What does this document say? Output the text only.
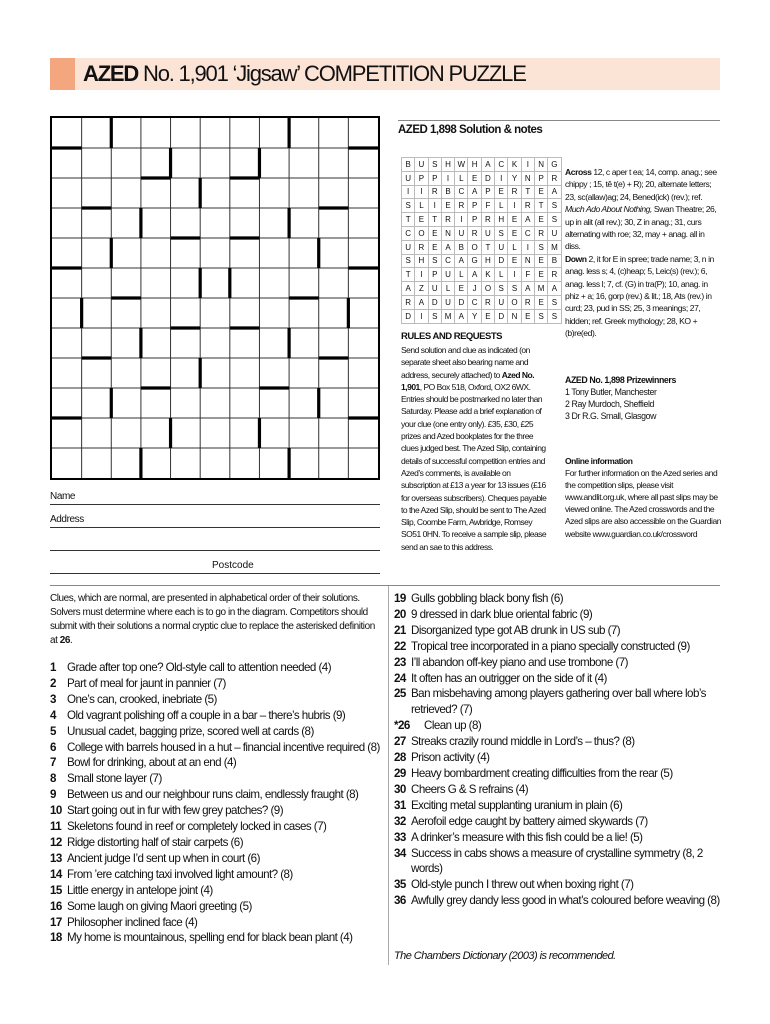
AZED No. 1,901 ‘Jigsaw’ COMPETITION PUZZLE
Name
Address
Postcode
Clues, which are normal, are presented in alphabetical order of their solutions. Solvers must determine where each is to go in the diagram. Competitors should submit with their solutions a normal cryptic clue to replace the asterisked definition at 26.
1 Grade after top one? Old-style call to attention needed (4)
2 Part of meal for jaunt in pannier (7)
3 One’s can, crooked, inebriate (5)
4 Old vagrant polishing off a couple in a bar – there’s hubris (9)
5 Unusual cadet, bagging prize, scored well at cards (8)
6 College with barrels housed in a hut – financial incentive required (8)
7 Bowl for drinking, about at an end (4)
8 Small stone layer (7)
9 Between us and our neighbour runs claim, endlessly fraught (8)
10 Start going out in fur with few grey patches? (9)
11 Skeletons found in reef or completely locked in cases (7)
12 Ridge distorting half of stair carpets (6)
13 Ancient judge I’d sent up when in court (6)
14 From ’ere catching taxi involved light amount? (8)
15 Little energy in antelope joint (4)
16 Some laugh on giving Maori greeting (5)
17 Philosopher inclined face (4)
18 My home is mountainous, spelling end for black bean plant (4)
19 Gulls gobbling black bony fish (6)
20 9 dressed in dark blue oriental fabric (9)
21 Disorganized type got AB drunk in US sub (7)
22 Tropical tree incorporated in a piano specially constructed (9)
23 I’ll abandon off-key piano and use trombone (7)
24 It often has an outrigger on the side of it (4)
25 Ban misbehaving among players gathering over ball where lob’s retrieved? (7)
*26	Clean up (8)
27 Streaks crazily round middle in Lord’s – thus? (8)
28 Prison activity (4)
29 Heavy bombardment creating difficulties from the rear (5)
30 Cheers G & S refrains (4)
31 Exciting metal supplanting uranium in plain (6)
32 Aerofoil edge caught by battery aimed skywards (7)
33 A drinker’s measure with this fish could be a lie! (5)
34 Success in cabs shows a measure of crystalline symmetry (8, 2 words)
35 Old-style punch I threw out when boxing right (7)
36 Awfully grey dandy less good in what’s coloured before weaving (8)
The Chambers Dictionary (2003) is recommended.
AZED 1,898 Solution & notes
B	U	S	H	W	H	A	C	K	I	N	G
U	P	P	I	L	E	D	I	Y	N	P	R
I	I	R	B	C	A	P	E	R	T	E	A
S	L	I	E	R	P	F	L	I	R	T	S
T	E	T	R	I	P	R	H	E	A	E	S
C	O	E	N	U	R	U	S	E	C	R	U
U	R	E	A	B	O	T	U	L	I	S	M
S	H	S	C	A	G	H	D	E	N	E	B
T	I	P	U	L	A	K	L	I	F	E	R
A	Z	U	L	E	J	O	S	S	A	M	A
R	A	D	U	D	C	R	U	O	R	E	S
D	I	S	M	A	Y	E	D	N	E	S	S
Across 12, c aper t ea; 14, comp. anag.; see chippy ; 15, tê t(e) + R); 20, alternate letters; 23, sc(allaw)ag; 24, Bened(ick) (rev.); ref. Much Ado About Nothing, Swan Theatre; 26, up in alit (all rev.); 30, Z in anag.; 31, curs alternating with roe; 32, may + anag. all in diss.
Down 2, it for E in spree; trade name; 3, n in anag. less s; 4, (c)heap; 5, Leic(s) (rev.); 6, anag. less l; 7, cf. (G) in tra(P); 10, anag. in phiz + a; 16, gorp (rev.) & lit.; 18, Ats (rev.) in curd; 23, pud in SS; 25, 3 meanings; 27, hidden; ref. Greek mythology; 28, KO + (b)re(ed).
RULES AND REQUESTS
Send solution and clue as indicated (on separate sheet also bearing name and address, securely attached) to Azed No. 1,901, PO Box 518, Oxford, OX2 6WX. Entries should be postmarked no later than Saturday. Please add a brief explanation of your clue (one entry only). £35, £30, £25 prizes and Azed bookplates for the three clues judged best. The Azed Slip, containing details of successful competition entries and Azed’s comments, is available on subscription at £13 a year for 13 issues (£16 for overseas subscribers). Cheques payable to the Azed Slip, should be sent to The Azed Slip, Coombe Farm, Awbridge, Romsey SO51 0HN. To receive a sample slip, please send an sae to this address.
AZED No. 1,898 Prizewinners
1 Tony Butler, Manchester
2 Ray Murdoch, Sheffield
3 Dr R.G. Small, Glasgow
Online information
For further information on the Azed series and the competition slips, please visit www.andlit.org.uk, where all past slips may be viewed online. The Azed crosswords and the Azed slips are also accessible on the Guardian website www.guardian.co.uk/crossword
